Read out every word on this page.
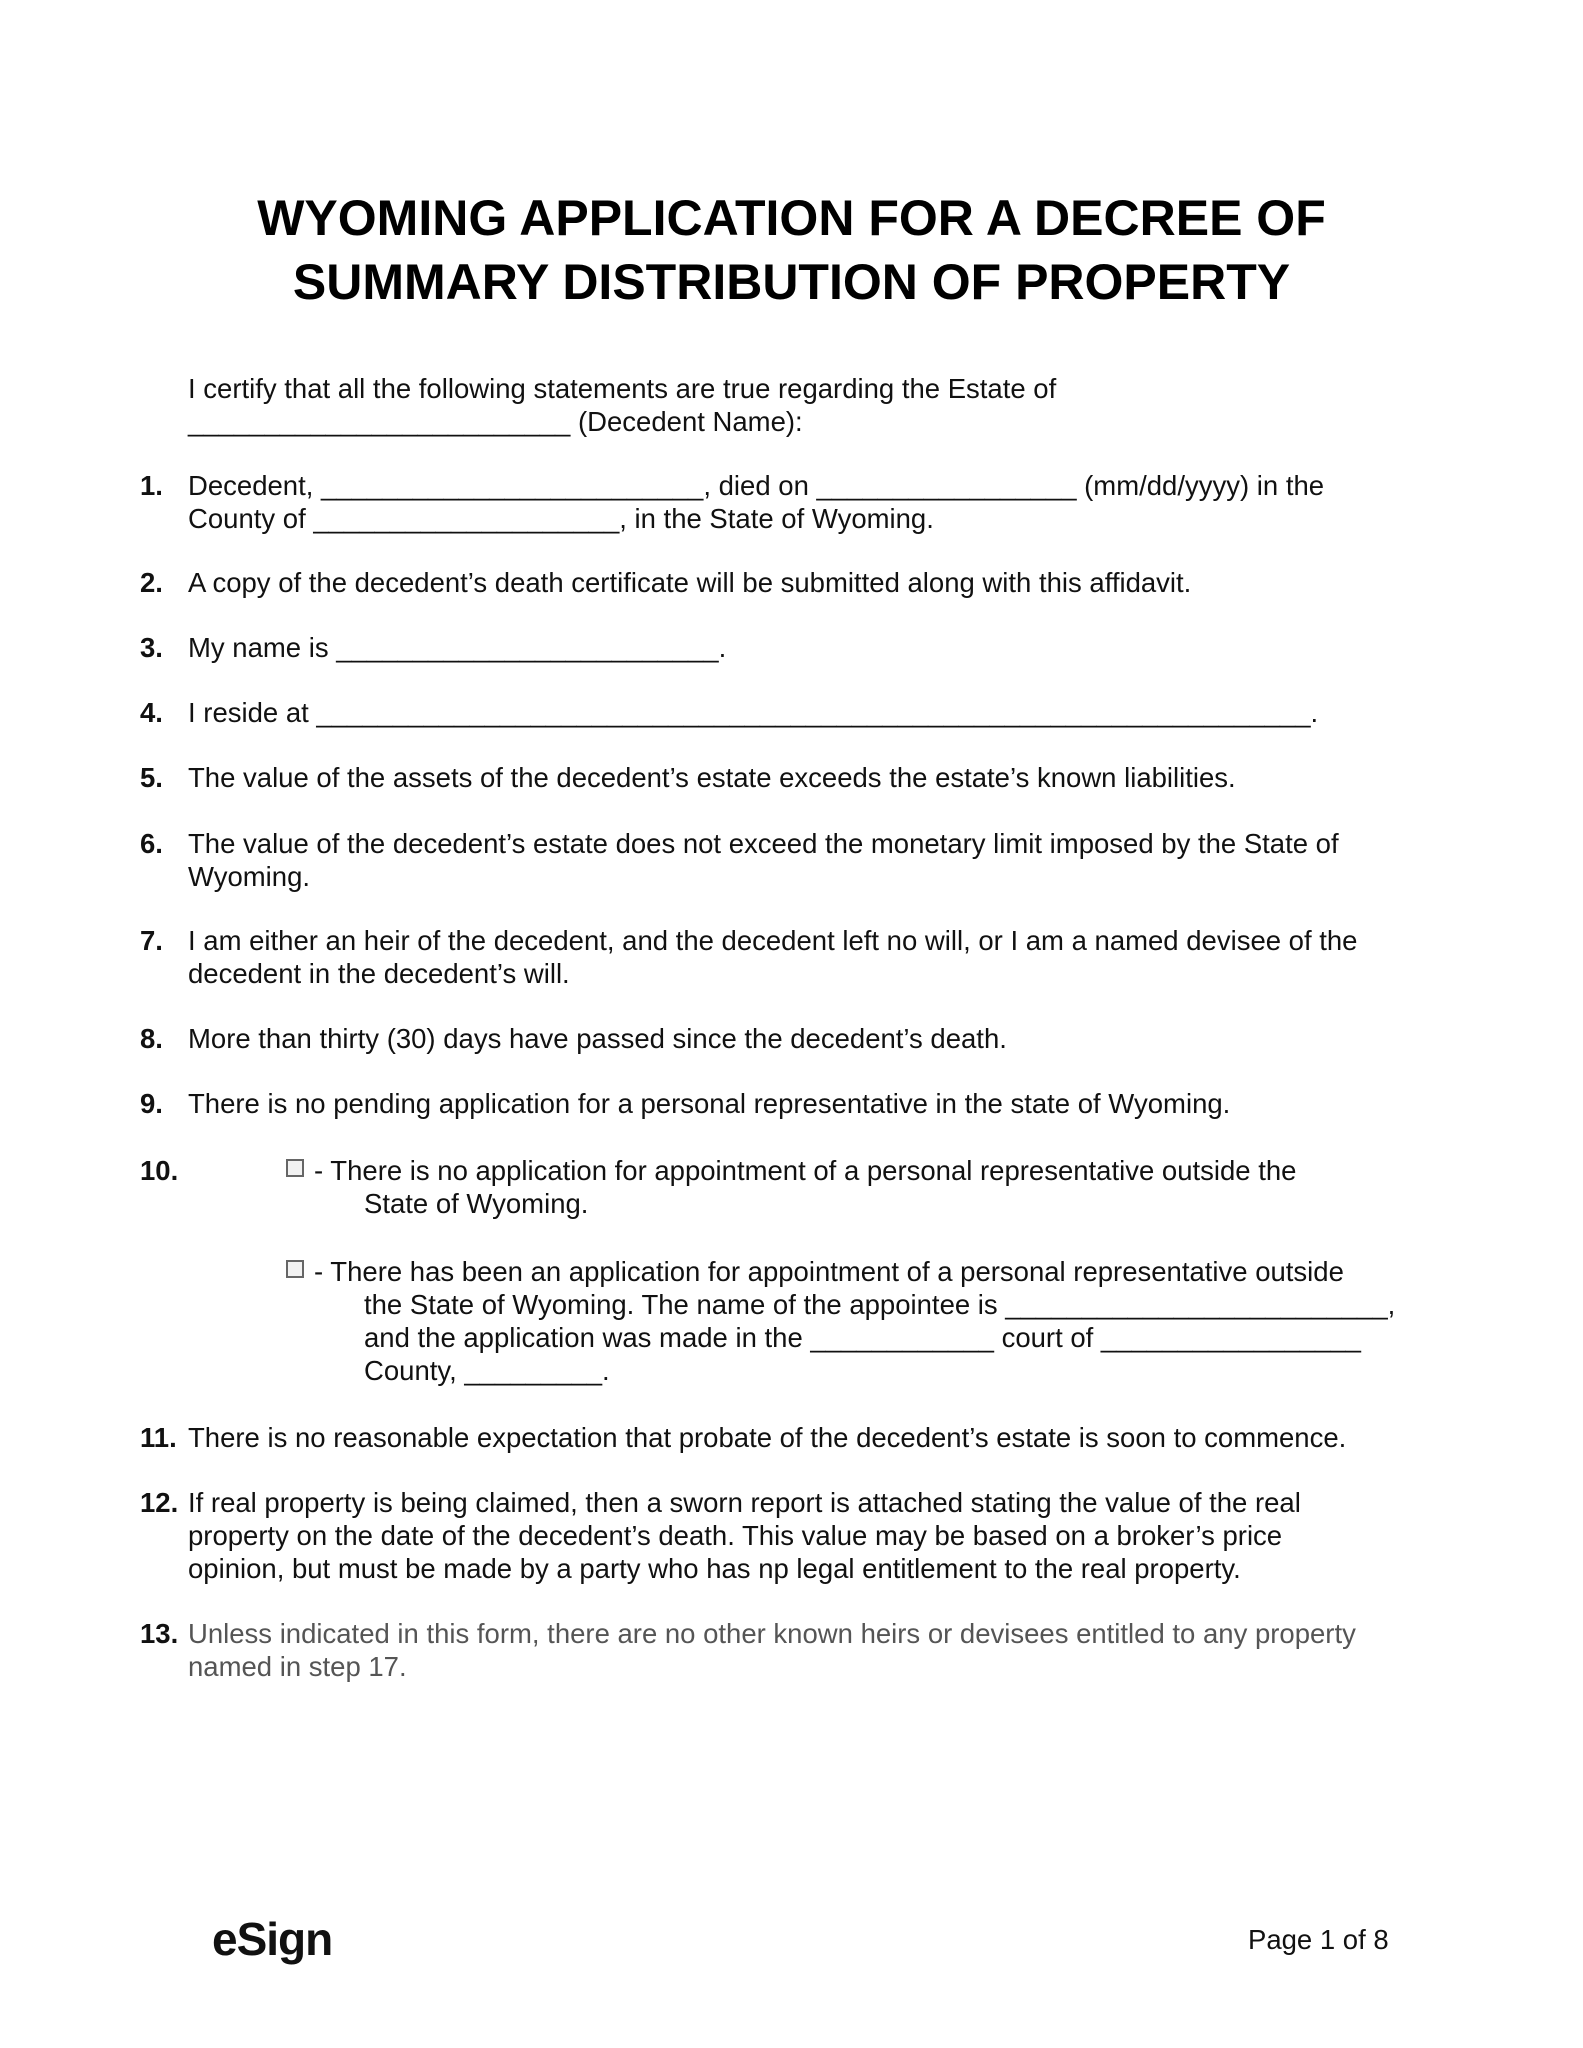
WYOMING APPLICATION FOR A DECREE OF
SUMMARY DISTRIBUTION OF PROPERTY
I certify that all the following statements are true regarding the Estate of
_________________________ (Decedent Name):
1. Decedent, _________________________, died on _________________ (mm/dd/yyyy) in the
County of ____________________, in the State of Wyoming.
2. A copy of the decedent’s death certificate will be submitted along with this affidavit.
3. My name is _________________________.
4. I reside at _________________________________________________________________.
5. The value of the assets of the decedent’s estate exceeds the estate’s known liabilities.
6. The value of the decedent’s estate does not exceed the monetary limit imposed by the State of
Wyoming.
7. I am either an heir of the decedent, and the decedent left no will, or I am a named devisee of the
decedent in the decedent’s will.
8. More than thirty (30) days have passed since the decedent’s death.
9. There is no pending application for a personal representative in the state of Wyoming.
10.	- There is no application for appointment of a personal representative outside the

State of Wyoming.
- There has been an application for appointment of a personal representative outside

the State of Wyoming. The name of the appointee is _________________________,
and the application was made in the ____________ court of _________________
County, _________.
11. There is no reasonable expectation that probate of the decedent’s estate is soon to commence.
12. If real property is being claimed, then a sworn report is attached stating the value of the real
property on the date of the decedent’s death. This value may be based on a broker’s price
opinion, but must be made by a party who has np legal entitlement to the real property.
13. Unless indicated in this form, there are no other known heirs or devisees entitled to any property
named in step 17.
eSign	Page 1 of 8
